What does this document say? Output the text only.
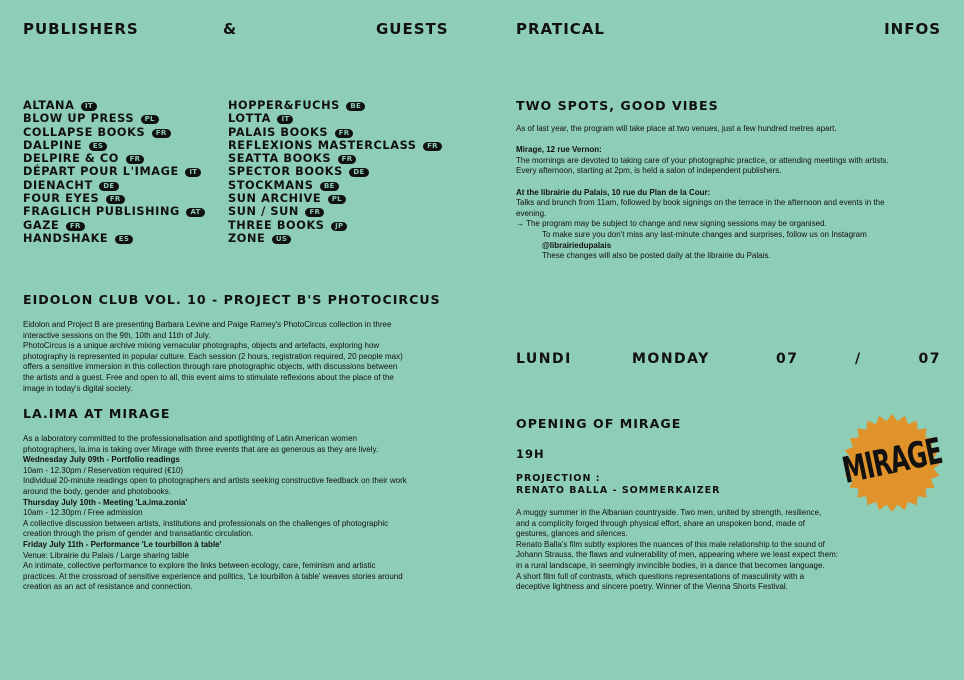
PUBLISHERS	&	GUESTS	PRATICAL	INFOS
ALTANA IT
BLOW UP PRESS PL
COLLAPSE BOOKS FR
DALPINE ES
DELPIRE & CO FR
DÉPART POUR L'IMAGE IT
DIENACHT DE
FOUR EYES FR
FRAGLICH PUBLISHING AT
GAZE FR
HANDSHAKE ES
HOPPER&FUCHS BE
LOTTA IT
PALAIS BOOKS FR
REFLEXIONS MASTERCLASS FR
SEATTA BOOKS FR
SPECTOR BOOKS DE
STOCKMANS BE
SUN ARCHIVE PL
SUN / SUN FR
THREE BOOKS JP
ZONE US
EIDOLON CLUB VOL. 10 - PROJECT B'S PHOTOCIRCUS

Eidolon and Project B are presenting Barbara Levine and Paige Ramey's PhotoCircus collection in three

interactive sessions on the 9th, 10th and 11th of July.

PhotoCircus is a unique archive mixing vernacular photographs, objects and artefacts, exploring how

photography is represented in popular culture. Each session (2 hours, registration required, 20 people max)

offers a sensitive immersion in this collection through rare photographic objects, with discussions between

the artists and a guest. Free and open to all, this event aims to stimulate reflexions about the place of the

image in today's digital society.

LA.IMA AT MIRAGE

As a laboratory committed to the professionalisation and spotlighting of Latin American women

photographers, la.ima is taking over Mirage with three events that are as generous as they are lively.

Wednesday July 09th - Portfolio readings

10am - 12.30pm / Reservation required (€10)

Individual 20-minute readings open to photographers and artists seeking constructive feedback on their work

around the body, gender and photobooks.

Thursday July 10th - Meeting 'La.ima.zonia'

10am - 12.30pm / Free admission

A collective discussion between artists, institutions and professionals on the challenges of photographic

creation through the prism of gender and transatlantic circulation.

Friday July 11th - Performance 'Le tourbillon à table'

Venue: Librairie du Palais / Large sharing table

An intimate, collective performance to explore the links between ecology, care, feminism and artistic

practices. At the crossroad of sensitive experience and politics, 'Le tourbillon à table' weaves stories around

creation as an act of resistance and connection.

TWO SPOTS, GOOD VIBES

As of last year, the program will take place at two venues, just a few hundred metres apart.

Mirage, 12 rue Vernon:

The mornings are devoted to taking care of your photographic practice, or attending meetings with artists.

Every afternoon, starting at 2pm, is held a salon of independent publishers.

At the librairie du Palais, 10 rue du Plan de la Cour:

Talks and brunch from 11am, followed by book signings on the terrace in the afternoon and events in the

evening.

→ The program may be subject to change and new signing sessions may be organised.

To make sure you don't miss any last-minute changes and surprises, follow us on Instagram

@librairiedupalais

These changes will also be posted daily at the librairie du Palais.

LUNDI	MONDAY	07	/	07
OPENING OF MIRAGE
19H
PROJECTION :
RENATO BALLA - SOMMERKAIZER

A muggy summer in the Albanian countryside. Two men, united by strength, resilience,

and a complicity forged through physical effort, share an unspoken bond, made of

gestures, glances and silences.

Renato Balla's film subtly explores the nuances of this male relationship to the sound of

Johann Strauss, the flaws and vulnerability of men, appearing where we least expect them:

in a rural landscape, in seemingly invincible bodies, in a dance that becomes language.

A short film full of contrasts, which questions representations of masculinity with a

deceptive lightness and sincere poetry. Winner of the Vienna Shorts Festival.

MIRAGE
